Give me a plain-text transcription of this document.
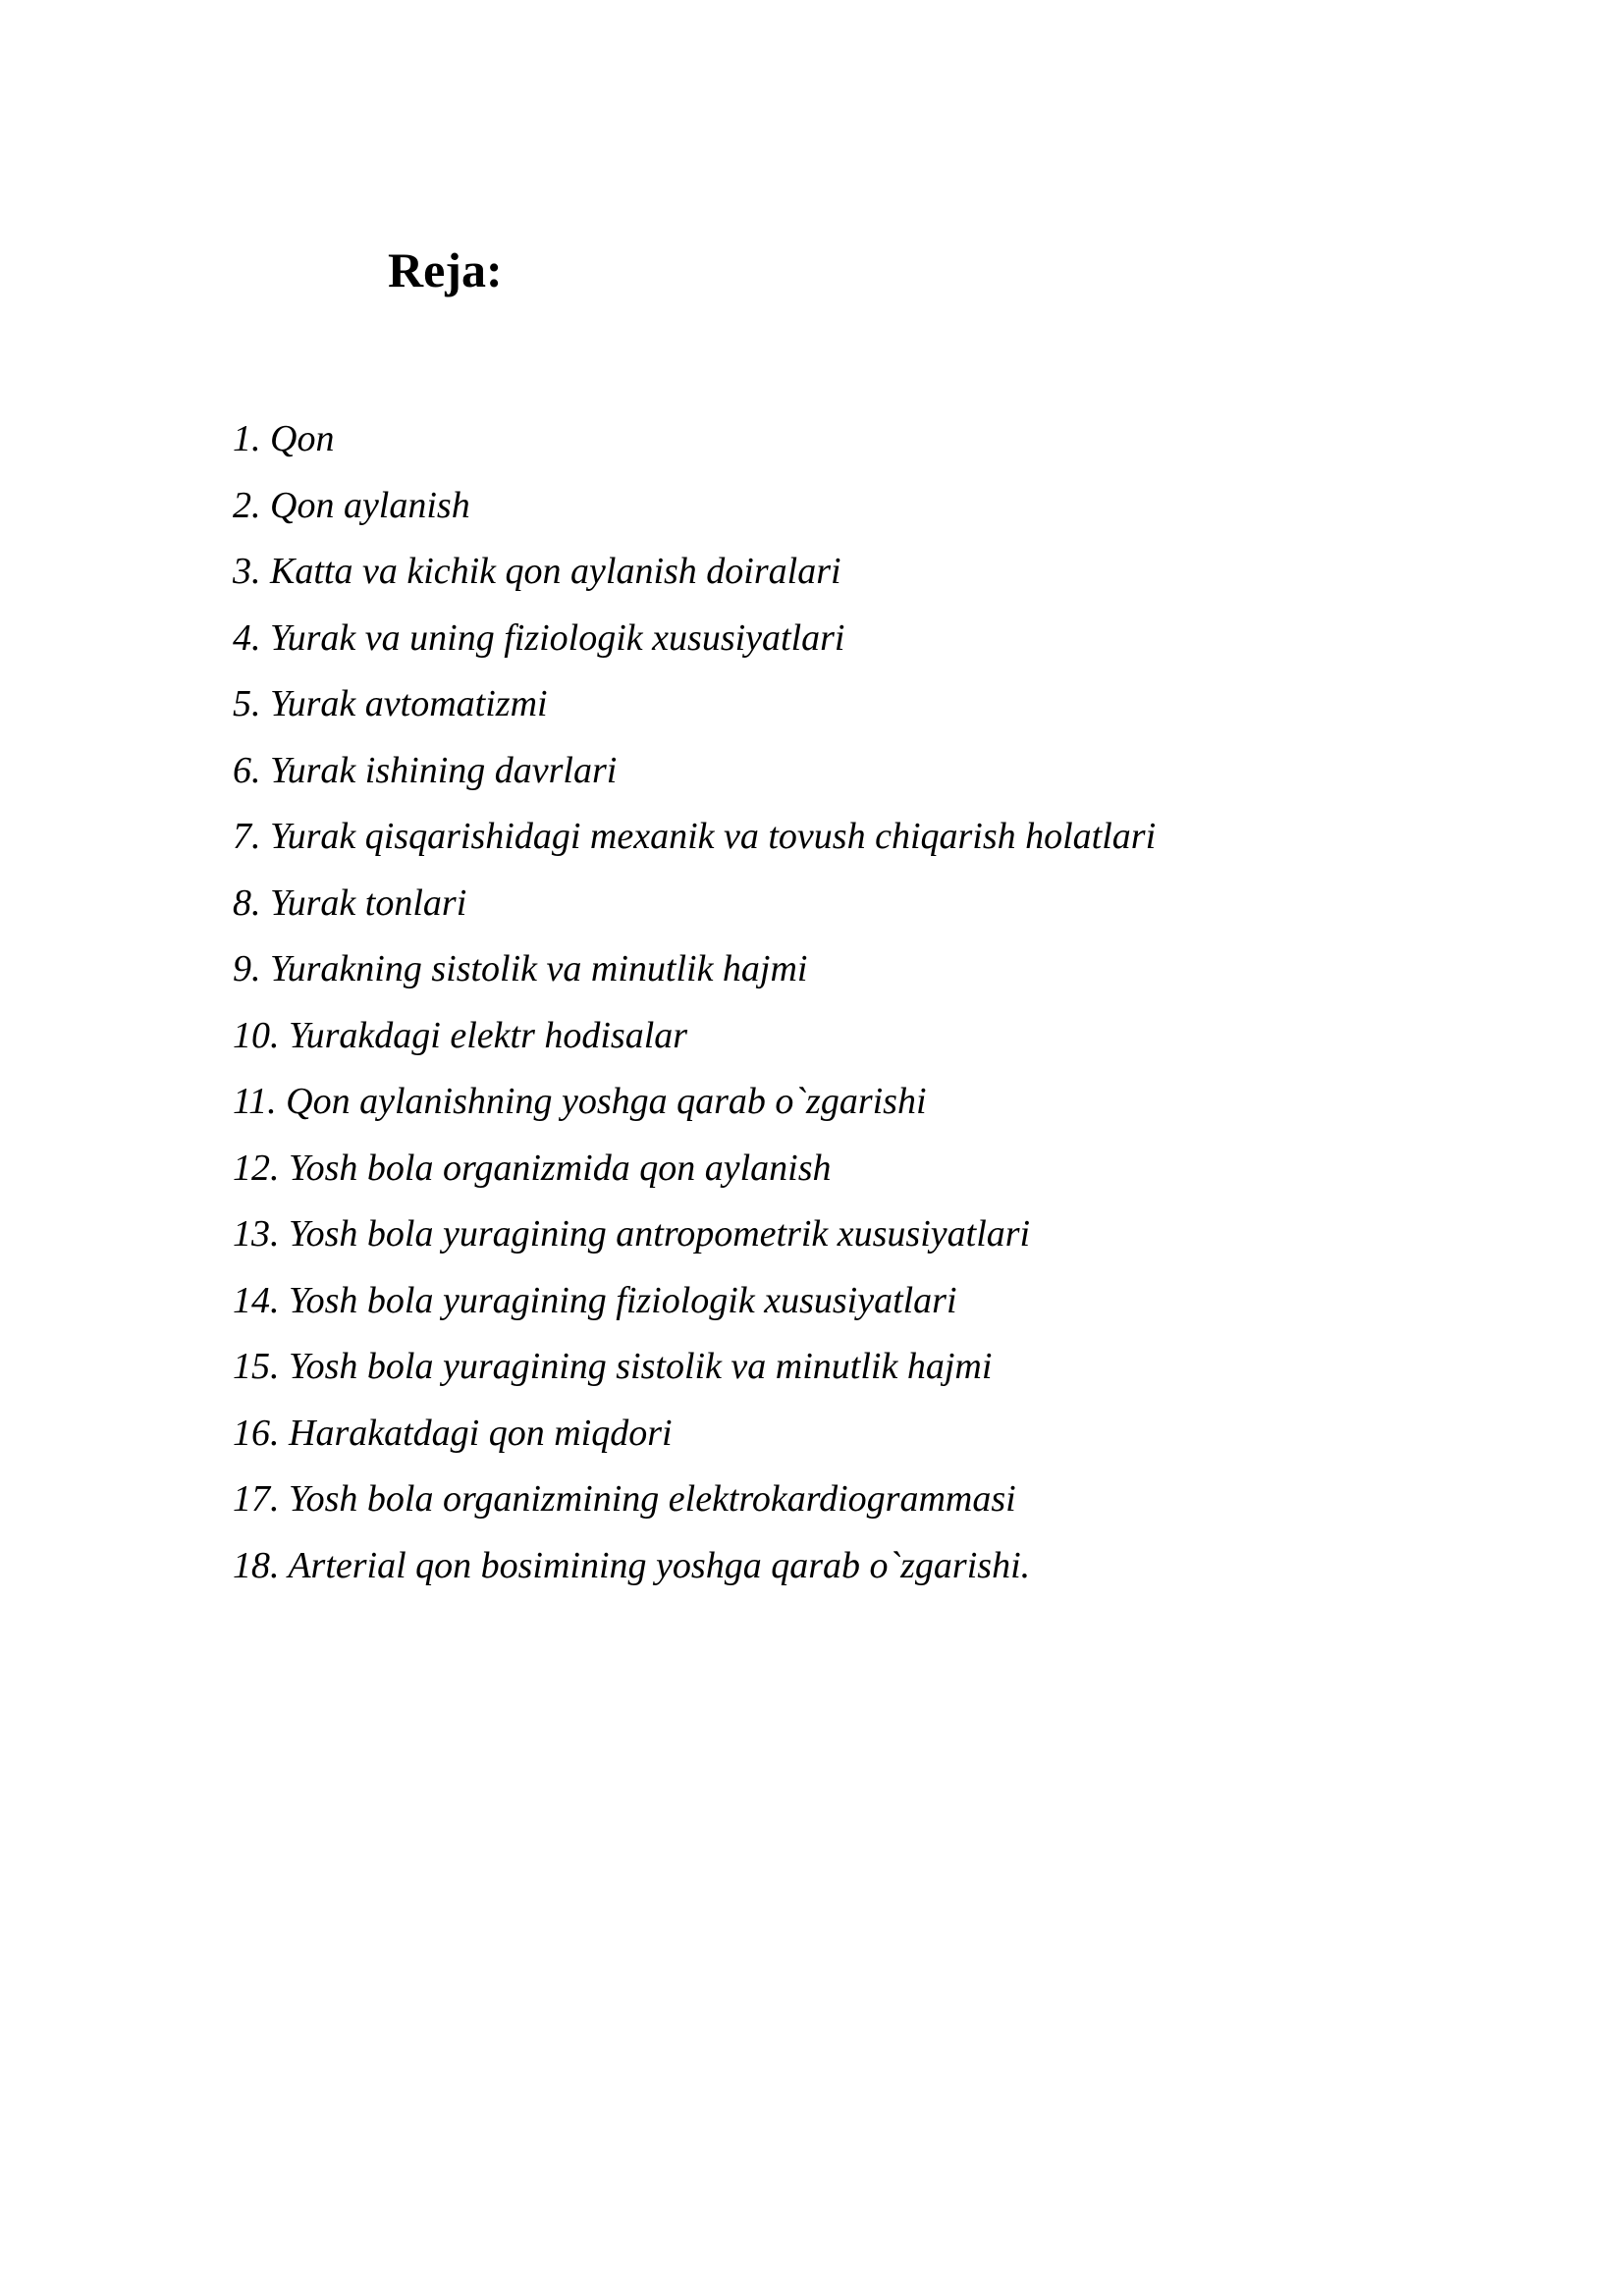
Reja:
1. Qon
2. Qon aylanish
3. Katta va kichik qon aylanish doiralari
4. Yurak va uning fiziologik xususiyatlari
5. Yurak avtomatizmi
6. Yurak ishining davrlari
7. Yurak qisqarishidagi mexanik va tovush chiqarish holatlari
8. Yurak tonlari
9. Yurakning sistolik va minutlik hajmi
10. Yurakdagi elektr hodisalar
11. Qon aylanishning yoshga qarab o`zgarishi
12. Yosh bola organizmida qon aylanish
13. Yosh bola yuragining antropometrik xususiyatlari
14. Yosh bola yuragining fiziologik xususiyatlari
15. Yosh bola yuragining sistolik va minutlik hajmi
16. Harakatdagi qon miqdori
17. Yosh bola organizmining elektrokardiogrammasi
18. Arterial qon bosimining yoshga qarab o`zgarishi.
